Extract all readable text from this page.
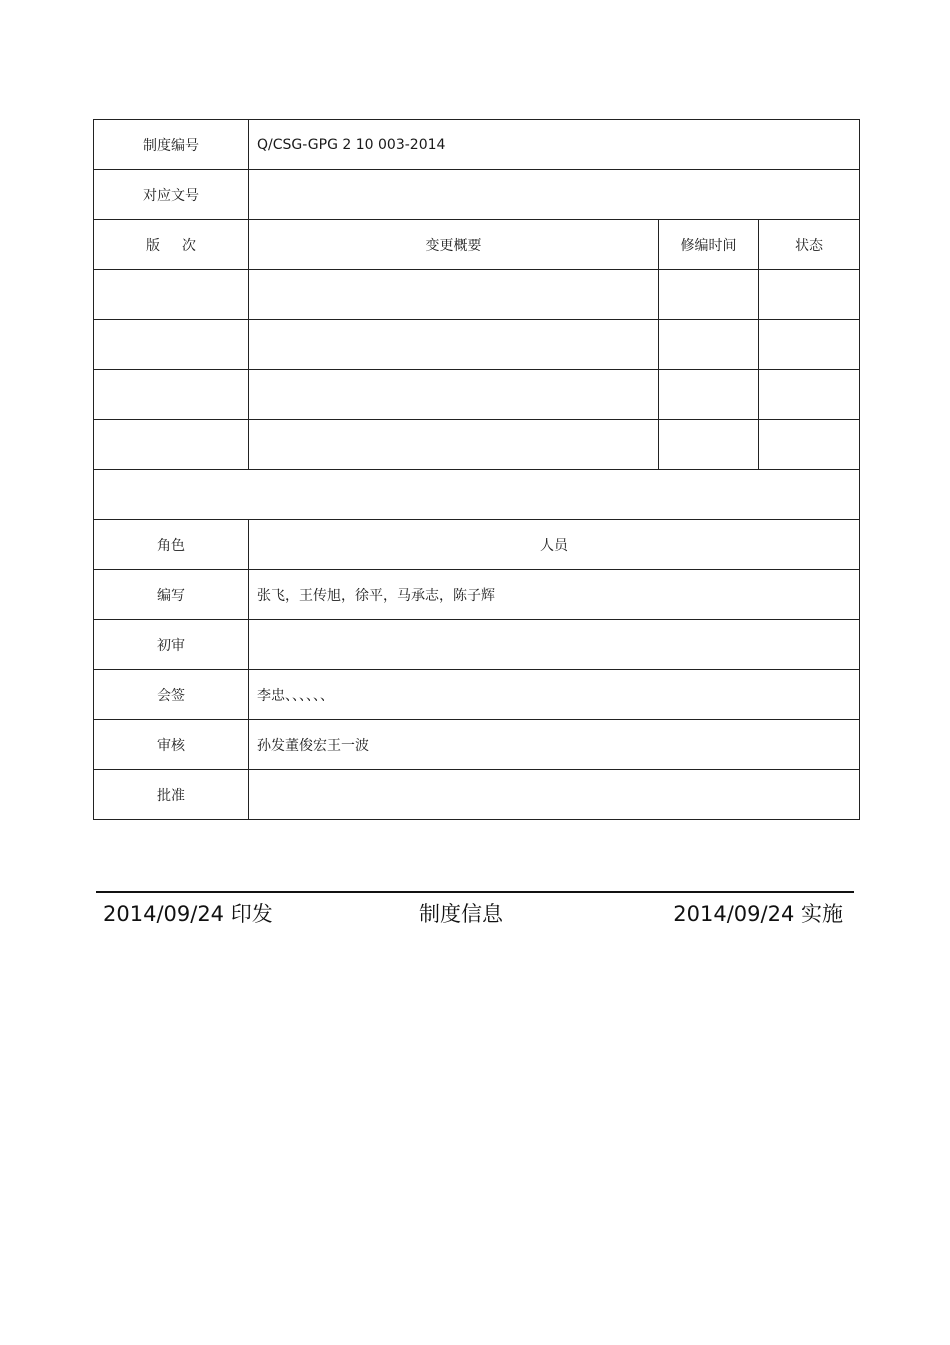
制度编号	Q/CSG-GPG 2 10 003-2014		
对应文号			
版 次	变更概要	修编时间	状态

角色	人员		
编写	张飞，王传旭，徐平，马承志，陈子辉		
初审			
会签	李忠、、、、、、		
审核	孙发董俊宏王一波		
批准			
2014/09/24 印发	制度信息	2014/09/24 实施
